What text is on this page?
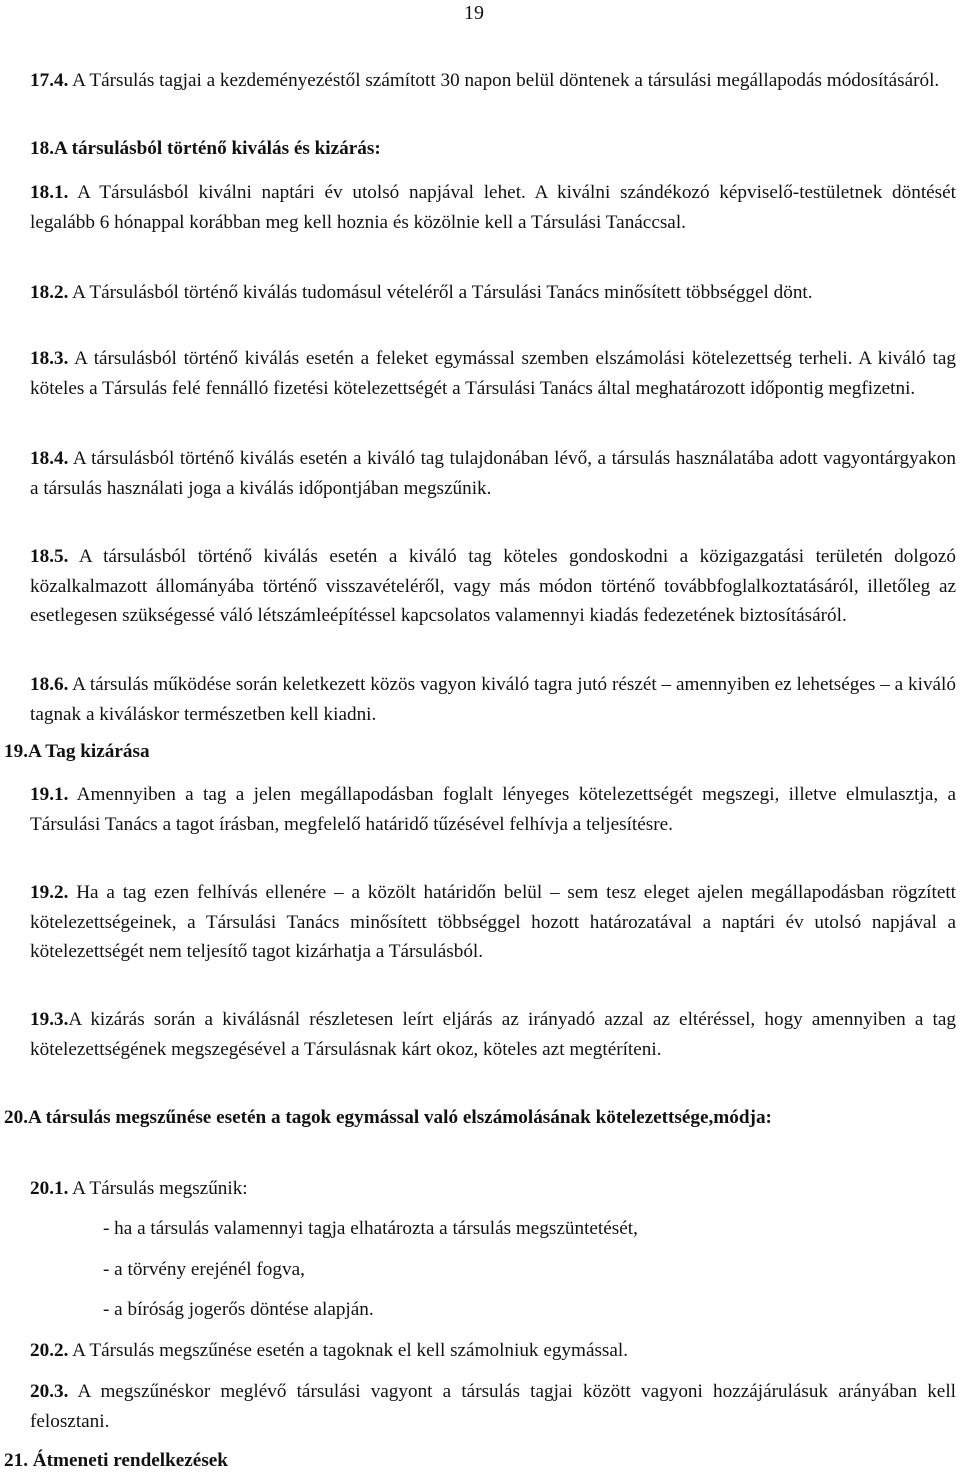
19

17.4. A Társulás tagjai a kezdeményezéstől számított 30 napon belül döntenek a társulási megállapodás módosításáról.

18.A társulásból történő kiválás és kizárás:

18.1. A Társulásból kiválni naptári év utolsó napjával lehet. A kiválni szándékozó képviselő-testületnek döntését legalább 6 hónappal korábban meg kell hoznia és közölnie kell a Társulási Tanáccsal.

18.2. A Társulásból történő kiválás tudomásul vételéről a Társulási Tanács minősített többséggel dönt.

18.3. A társulásból történő kiválás esetén a feleket egymással szemben elszámolási kötelezettség terheli. A kiváló tag köteles a Társulás felé fennálló fizetési kötelezettségét a Társulási Tanács által meghatározott időpontig megfizetni.

18.4. A társulásból történő kiválás esetén a kiváló tag tulajdonában lévő, a társulás használatába adott vagyontárgyakon a társulás használati joga a kiválás időpontjában megszűnik.

18.5. A társulásból történő kiválás esetén a kiváló tag köteles gondoskodni a közigazgatási területén dolgozó közalkalmazott állományába történő visszavételéről, vagy más módon történő továbbfoglalkoztatásáról, illetőleg az esetlegesen szükségessé váló létszámleépítéssel kapcsolatos valamennyi kiadás fedezetének biztosításáról.

18.6. A társulás működése során keletkezett közös vagyon kiváló tagra jutó részét – amennyiben ez lehetséges – a kiváló tagnak a kiváláskor természetben kell kiadni.

19.A Tag kizárása

19.1. Amennyiben a tag a jelen megállapodásban foglalt lényeges kötelezettségét megszegi, illetve elmulasztja, a Társulási Tanács a tagot írásban, megfelelő határidő tűzésével felhívja a teljesítésre.

19.2. Ha a tag ezen felhívás ellenére – a közölt határidőn belül – sem tesz eleget ajelen megállapodásban rögzített kötelezettségeinek, a Társulási Tanács minősített többséggel hozott határozatával a naptári év utolsó napjával a kötelezettségét nem teljesítő tagot kizárhatja a Társulásból.

19.3.A kizárás során a kiválásnál részletesen leírt eljárás az irányadó azzal az eltéréssel, hogy amennyiben a tag kötelezettségének megszegésével a Társulásnak kárt okoz, köteles azt megtéríteni.

20.A társulás megszűnése esetén a tagok egymással való elszámolásának kötelezettsége,módja:

20.1. A Társulás megszűnik:

- ha a társulás valamennyi tagja elhatározta a társulás megszüntetését,
- a törvény erejénél fogva,
- a bíróság jogerős döntése alapján.

20.2. A Társulás megszűnése esetén a tagoknak el kell számolniuk egymással.

20.3. A megszűnéskor meglévő társulási vagyont a társulás tagjai között vagyoni hozzájárulásuk arányában kell felosztani.

21. Átmeneti rendelkezések
